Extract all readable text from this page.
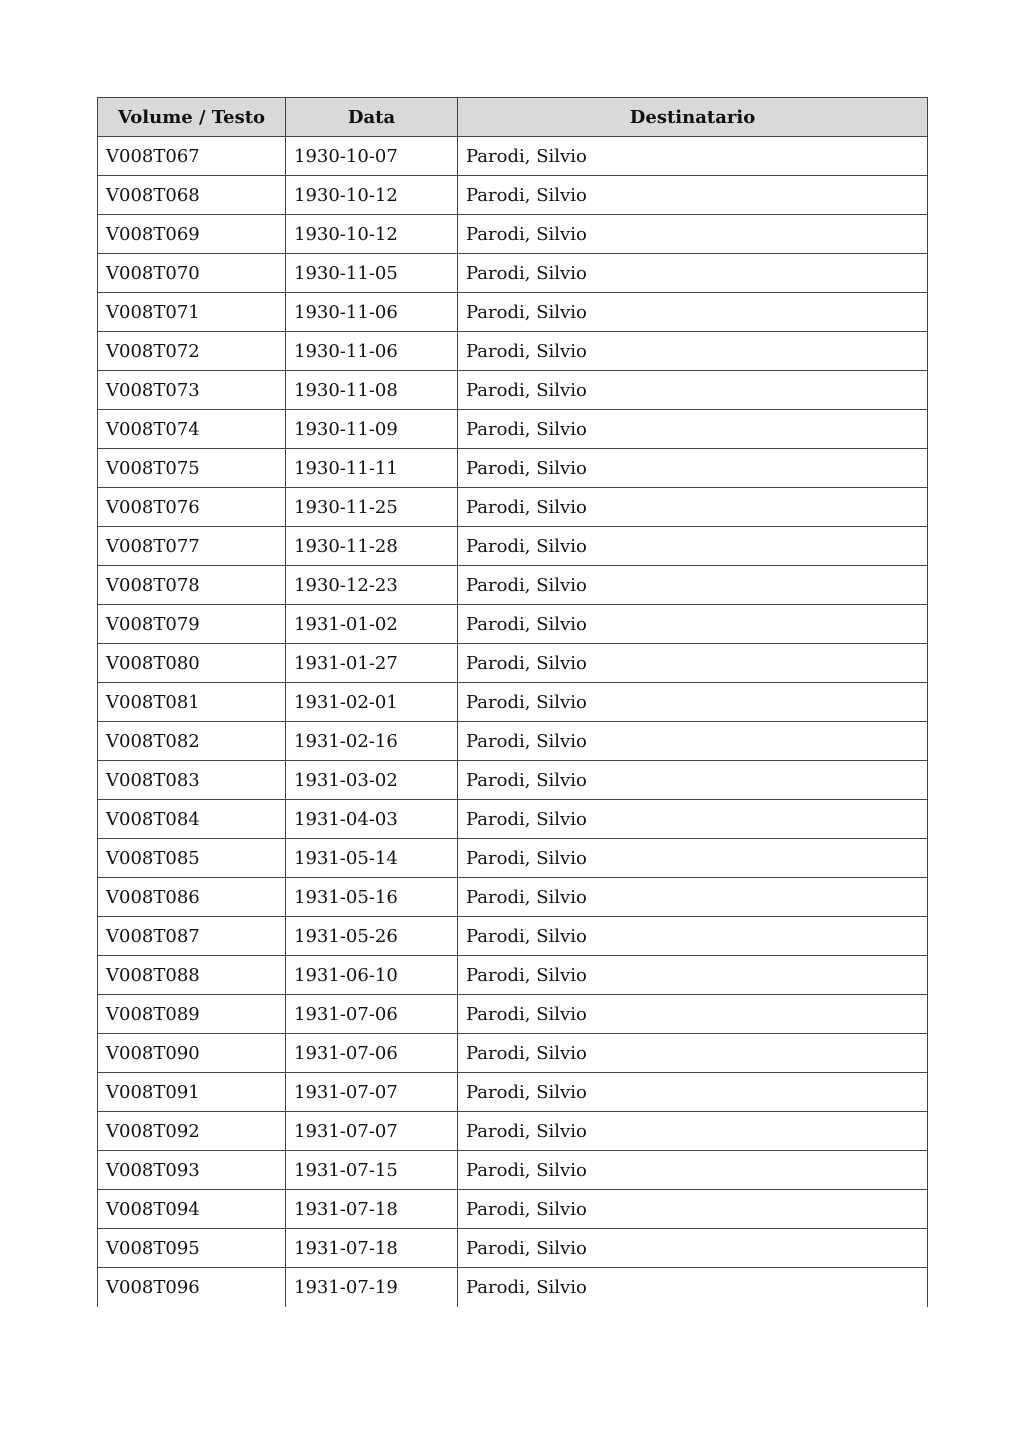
Volume / Testo	Data	Destinatario
V008T067	1930-10-07	Parodi, Silvio
V008T068	1930-10-12	Parodi, Silvio
V008T069	1930-10-12	Parodi, Silvio
V008T070	1930-11-05	Parodi, Silvio
V008T071	1930-11-06	Parodi, Silvio
V008T072	1930-11-06	Parodi, Silvio
V008T073	1930-11-08	Parodi, Silvio
V008T074	1930-11-09	Parodi, Silvio
V008T075	1930-11-11	Parodi, Silvio
V008T076	1930-11-25	Parodi, Silvio
V008T077	1930-11-28	Parodi, Silvio
V008T078	1930-12-23	Parodi, Silvio
V008T079	1931-01-02	Parodi, Silvio
V008T080	1931-01-27	Parodi, Silvio
V008T081	1931-02-01	Parodi, Silvio
V008T082	1931-02-16	Parodi, Silvio
V008T083	1931-03-02	Parodi, Silvio
V008T084	1931-04-03	Parodi, Silvio
V008T085	1931-05-14	Parodi, Silvio
V008T086	1931-05-16	Parodi, Silvio
V008T087	1931-05-26	Parodi, Silvio
V008T088	1931-06-10	Parodi, Silvio
V008T089	1931-07-06	Parodi, Silvio
V008T090	1931-07-06	Parodi, Silvio
V008T091	1931-07-07	Parodi, Silvio
V008T092	1931-07-07	Parodi, Silvio
V008T093	1931-07-15	Parodi, Silvio
V008T094	1931-07-18	Parodi, Silvio
V008T095	1931-07-18	Parodi, Silvio
V008T096	1931-07-19	Parodi, Silvio
